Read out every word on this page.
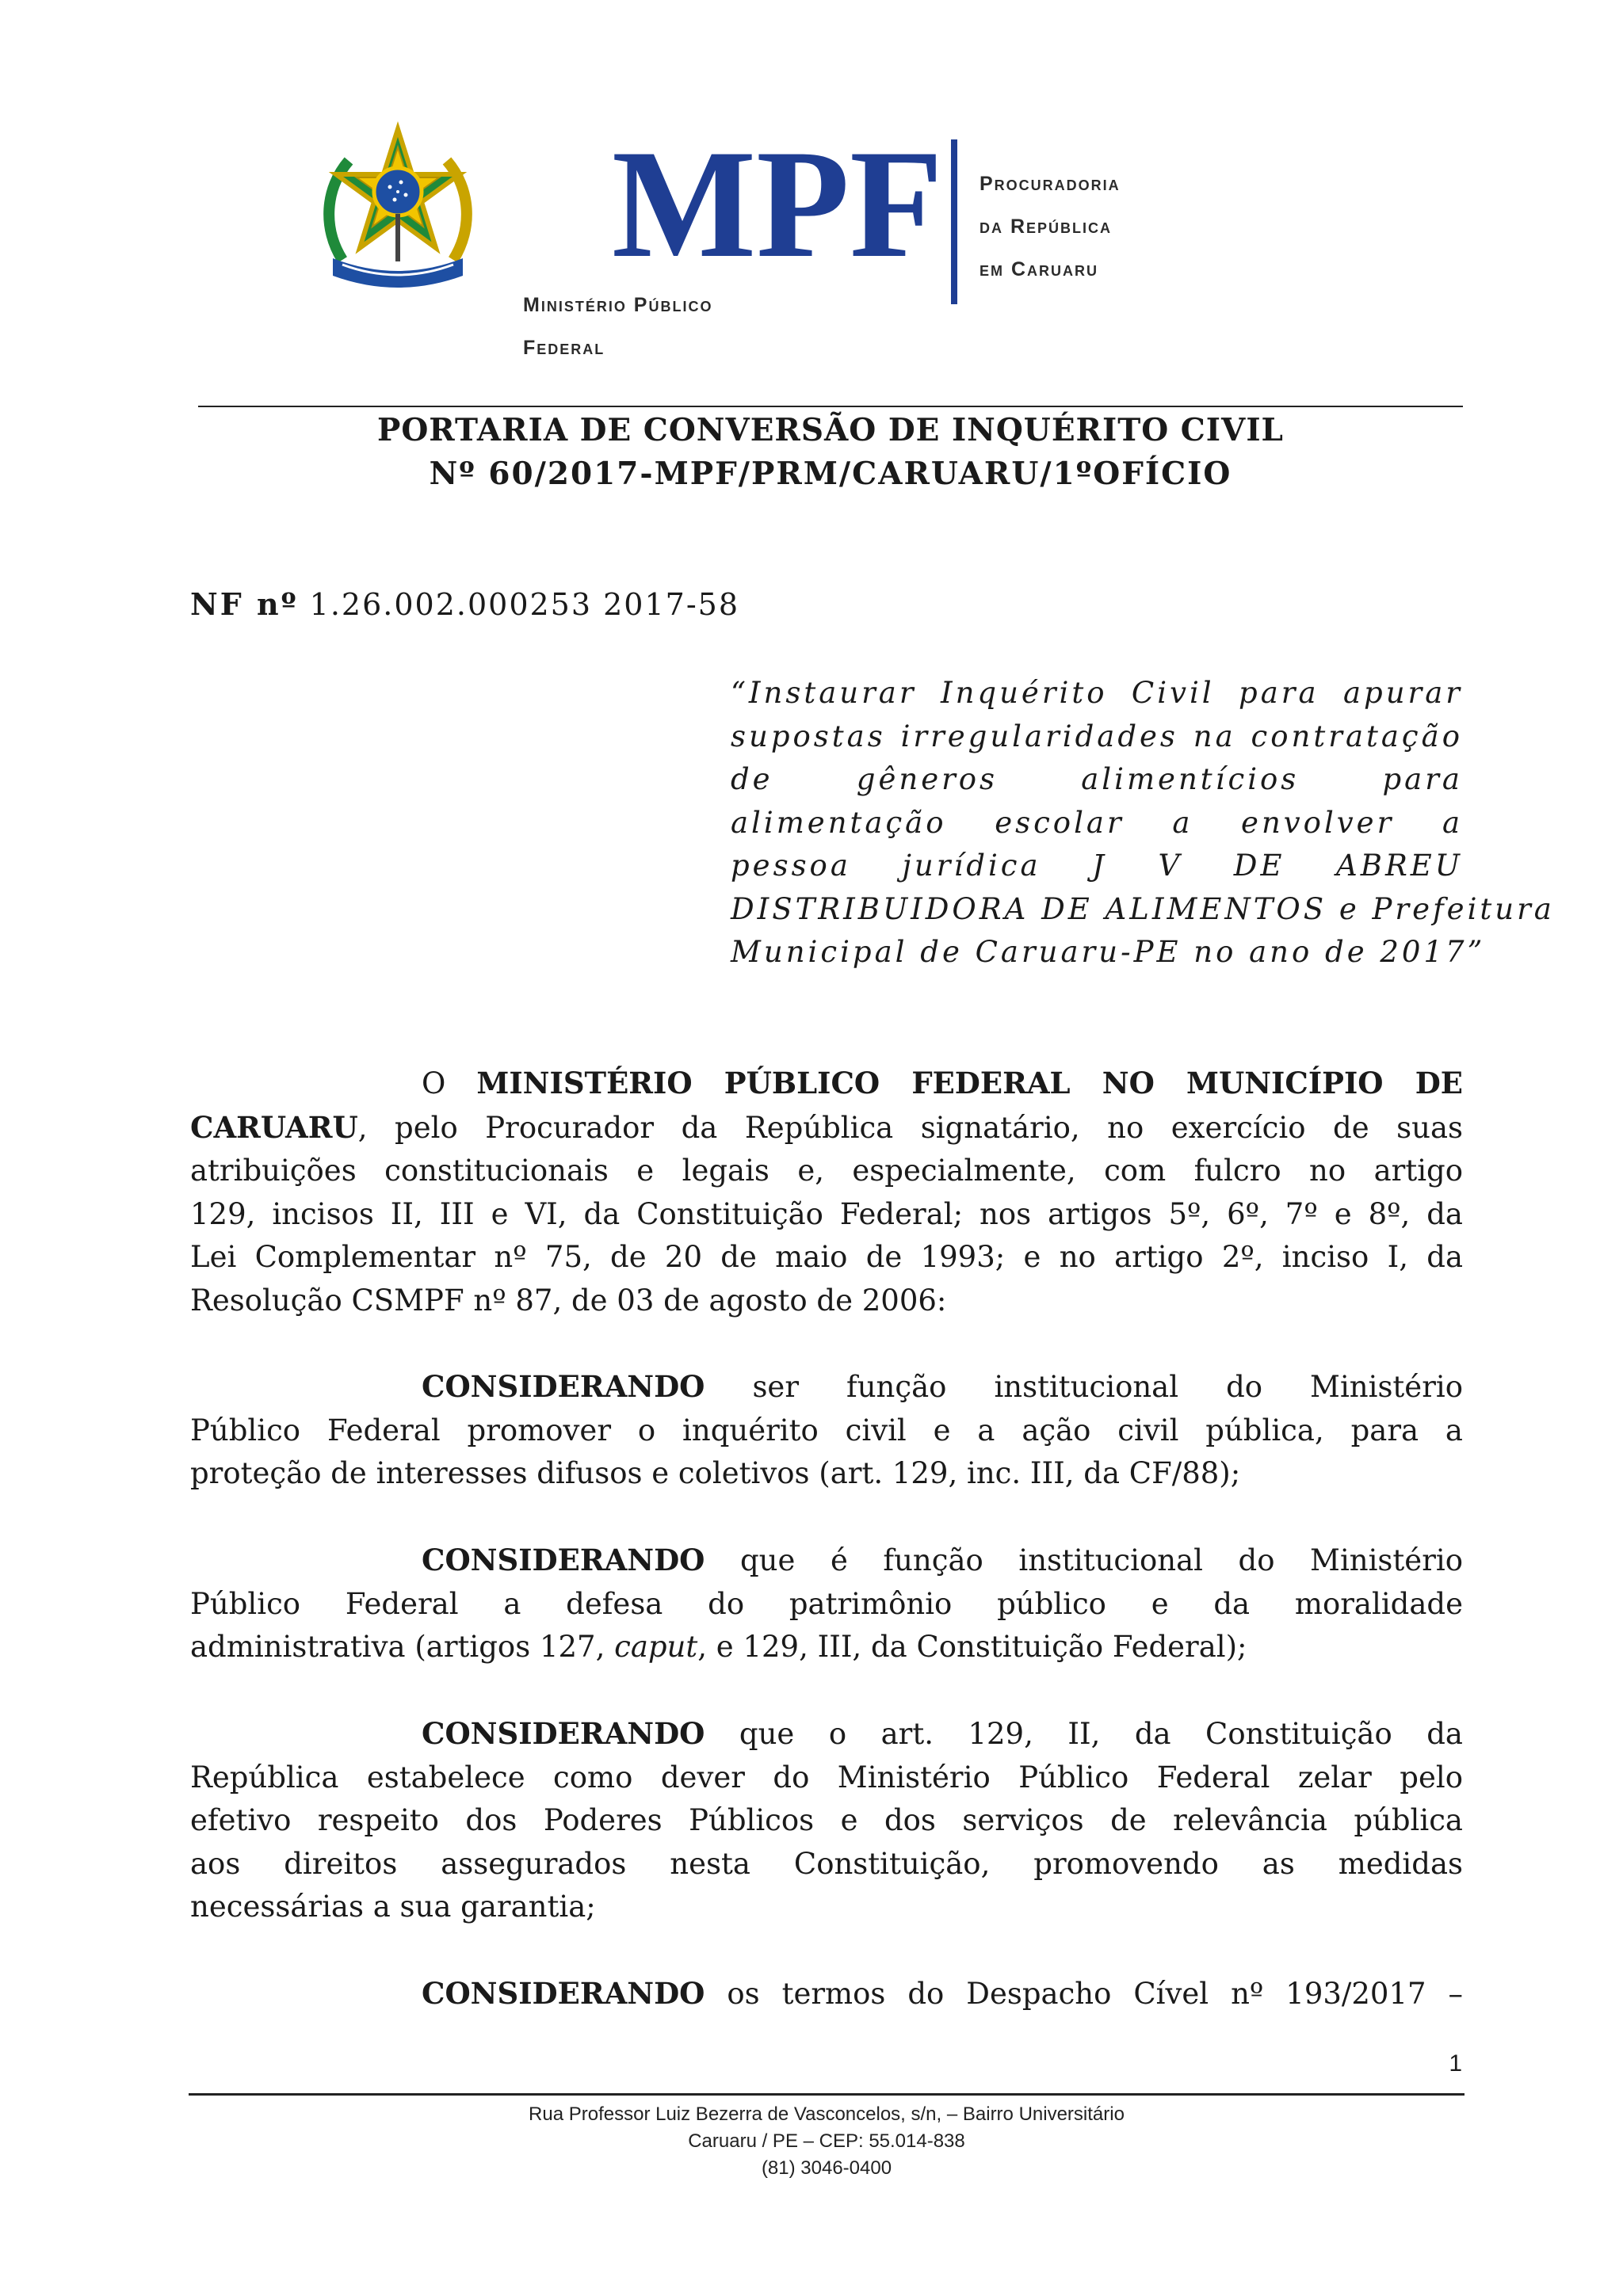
MPF Procuradoria
da República
em Caruaru
Ministério Público
Federal
PORTARIA DE CONVERSÃO DE INQUÉRITO CIVIL
Nº 60/2017-MPF/PRM/CARUARU/1ºOFÍCIO
NF nº 1.26.002.000253 2017-58
“Instaurar Inquérito Civil para apurar
supostas irregularidades na contratação
de gêneros alimentícios para
alimentação escolar a envolver a
pessoa jurídica J V DE ABREU
DISTRIBUIDORA DE ALIMENTOS e Prefeitura
Municipal de Caruaru-PE no ano de 2017”
O MINISTÉRIO PÚBLICO FEDERAL NO MUNICÍPIO DE
CARUARU, pelo Procurador da República signatário, no exercício de suas
atribuições constitucionais e legais e, especialmente, com fulcro no artigo
129, incisos II, III e VI, da Constituição Federal; nos artigos 5º, 6º, 7º e 8º, da
Lei Complementar nº 75, de 20 de maio de 1993; e no artigo 2º, inciso I, da
Resolução CSMPF nº 87, de 03 de agosto de 2006:
CONSIDERANDO ser função institucional do Ministério
Público Federal promover o inquérito civil e a ação civil pública, para a
proteção de interesses difusos e coletivos (art. 129, inc. III, da CF/88);
CONSIDERANDO que é função institucional do Ministério
Público Federal a defesa do patrimônio público e da moralidade
administrativa (artigos 127, caput, e 129, III, da Constituição Federal);
CONSIDERANDO que o art. 129, II, da Constituição da
República estabelece como dever do Ministério Público Federal zelar pelo
efetivo respeito dos Poderes Públicos e dos serviços de relevância pública
aos direitos assegurados nesta Constituição, promovendo as medidas
necessárias a sua garantia;
CONSIDERANDO os termos do Despacho Cível nº 193/2017 –
1
Rua Professor Luiz Bezerra de Vasconcelos, s/n, – Bairro Universitário
Caruaru / PE – CEP: 55.014-838
(81) 3046-0400
